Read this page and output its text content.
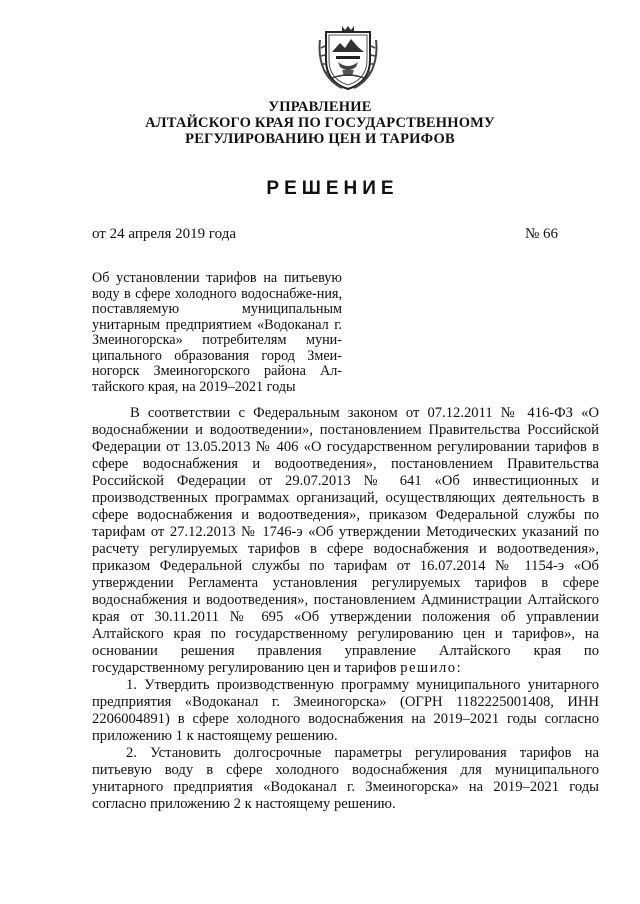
УПРАВЛЕНИЕ
АЛТАЙСКОГО КРАЯ ПО ГОСУДАРСТВЕННОМУ
РЕГУЛИРОВАНИЮ ЦЕН И ТАРИФОВ
РЕШЕНИЕ
от 24 апреля 2019 года	№ 66
Об установлении тарифов на питьевую воду в сфере холодного водоснабже-ния, поставляемую муниципальным унитарным предприятием «Водоканал г. Змеиногорска» потребителям муни-ципального образования город Змеи-ногорск Змеиногорского района Ал-тайского края, на 2019–2021 годы

В соответствии с Федеральным законом от 07.12.2011 № 416-ФЗ «О водоснабжении и водоотведении», постановлением Правительства Российской Федерации от 13.05.2013 № 406 «О государственном регулировании тарифов в сфере водоснабжения и водоотведения», постановлением Правительства Российской Федерации от 29.07.2013 № 641 «Об инвестиционных и производственных программах организаций, осуществляющих деятельность в сфере водоснабжения и водоотведения», приказом Федеральной службы по тарифам от 27.12.2013 № 1746-э «Об утверждении Методических указаний по расчету регулируемых тарифов в сфере водоснабжения и водоотведения», приказом Федеральной службы по тарифам от 16.07.2014 № 1154-э «Об утверждении Регламента установления регулируемых тарифов в сфере водоснабжения и водоотведения», постановлением Администрации Алтайского края от 30.11.2011 № 695 «Об утверждении положения об управлении Алтайского края по государственному регулированию цен и тарифов», на основании решения правления управление Алтайского края по государственному регулированию цен и тарифов решило:

1. Утвердить производственную программу муниципального унитарного предприятия «Водоканал г. Змеиногорска» (ОГРН 1182225001408, ИНН 2206004891) в сфере холодного водоснабжения на 2019–2021 годы согласно приложению 1 к настоящему решению.

2. Установить долгосрочные параметры регулирования тарифов на питьевую воду в сфере холодного водоснабжения для муниципального унитарного предприятия «Водоканал г. Змеиногорска» на 2019–2021 годы согласно приложению 2 к настоящему решению.
